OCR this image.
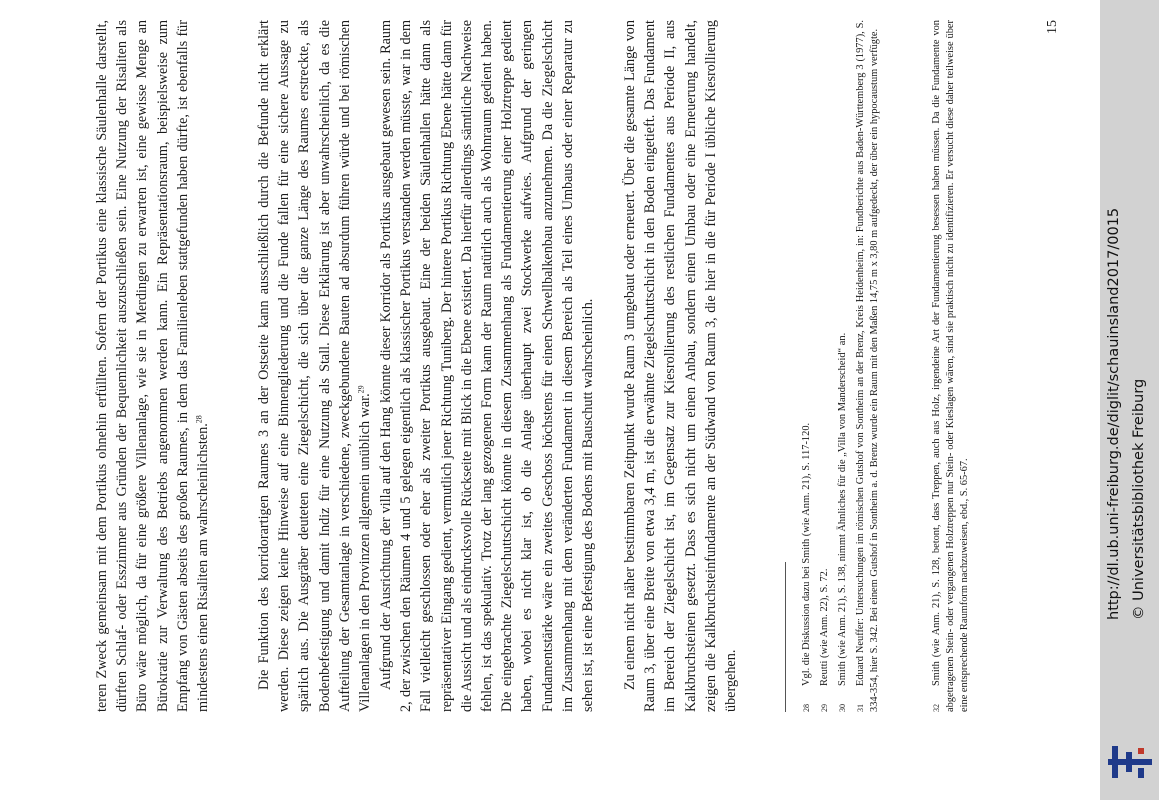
teren Zweck gemeinsam mit dem Portikus ohnehin erfüllten. Sofern der Portikus eine klassische Säulenhalle darstellt, dürften Schlaf- oder Esszimmer aus Gründen der Bequemlichkeit auszuschließen sein. Eine Nutzung der Risaliten als Büro wäre möglich, da für eine größere Villenanlage, wie sie in Merdingen zu erwarten ist, eine gewisse Menge an Bürokratie zur Verwaltung des Betriebs angenommen werden kann. Ein Repräsentationsraum, beispielsweise zum Empfang von Gästen abseits des großen Raumes, in dem das Familienleben stattgefunden haben dürfte, ist ebenfalls für mindestens einen Risaliten am wahrscheinlichsten.$^{28}$	Die Funktion des korridorartigen Raumes 3 an der Ostseite kann ausschließlich durch die Befunde nicht erklärt werden. Diese zeigen keine Hinweise auf eine Binnengliederung und die Funde fallen für eine sichere Aussage zu spärlich aus. Die Ausgräber deuteten eine Ziegelschicht, die sich über die ganze Länge des Raumes erstreckte, als Bodenbefestigung und damit Indiz für eine Nutzung als Stall. Diese Erklärung ist aber unwahrscheinlich, da es die Aufteilung der Gesamtanlage in verschiedene, zweckgebundene Bauten ad absurdum führen würde und bei römischen Villenanlagen in den Provinzen allgemein unüblich war.$^{29}$ Aufgrund der Ausrichtung der villa auf den Hang könnte dieser Korridor als Portikus ausgebaut gewesen sein. Raum 2, der zwischen den Räumen 4 und 5 gelegen eigentlich als klassischer Portikus verstanden werden müsste, war in dem Fall vielleicht geschlossen oder eher als zweiter Portikus ausgebaut. Eine der beiden Säulenhallen hätte dann als repräsentativer Eingang gedient, vermutlich jener Richtung Tuniberg. Der hintere Portikus Richtung Ebene hätte dann für die Aussicht und als eindrucksvolle Rückseite mit Blick in die Ebene existiert. Da hierfür allerdings sämtliche Nachweise fehlen, ist das spekulativ. Trotz der lang gezogenen Form kann der Raum natürlich auch als Wohnraum gedient haben. Die eingebrachte Ziegelschuttschicht könnte in diesem Zusammenhang als Fundamentierung einer Holztreppe gedient haben, wobei es nicht klar ist, ob die Anlage überhaupt zwei Stockwerke aufwies. Aufgrund der geringen Fundamentstärke wäre ein zweites Geschoss höchstens für einen Schwellbalkenbau anzunehmen. Da die Ziegelschicht im Zusammenhang mit dem veränderten Fundament in diesem Bereich als Teil eines Umbaus oder einer Reparatur zu sehen ist, ist eine Befestigung des Bodens mit Bauschutt wahrscheinlich. Zu einem nicht näher bestimmbaren Zeitpunkt wurde Raum 3 umgebaut oder erneuert. Über die gesamte Länge von Raum 3, über eine Breite von etwa 3,4 m, ist die erwähnte Ziegelschuttschicht in den Boden eingetieft. Das Fundament im Bereich der Ziegelschicht ist, im Gegensatz zur Kiesrollierung des restlichen Fundamentes aus Periode II, aus Kalkbruchsteinen gesetzt. Dass es sich nicht um einen Anbau, sondern einen Umbau oder eine Erneuerung handelt, zeigen die Kalkbruchsteinfundamente an der Südwand von Raum 3, die hier in die für Periode I übliche Kiesrollierung übergehen.	28Vgl. die Diskussion dazu bei Smith (wie Anm. 21), S. 117-120.

29Reutti (wie Anm. 22), S. 72.

30Smith (wie Anm. 21), S. 138, nimmt Ähnliches für die „Villa von Manderscheid“ an.

31Eduard Neuffer: Untersuchungen im römischen Gutshof von Sontheim an der Brenz, Kreis Heidenheim, in: Fundberichte aus Baden-Württemberg 3 (1977), S. 334-354, hier S. 342. Bei einem Gutshof in Sontheim a. d. Brenz wurde ein Raum mit den Maßen 14,75 m x 3,80 m aufgedeckt, der über ein hypocaustum verfügte.	32Smith (wie Anm. 21), S. 128, betont, dass Treppen, auch aus Holz, irgendeine Art der Fundamentierung besessen haben müssen. Da die Fundamente von abgetragenen Stein- oder vergangenen Holztreppen nur Stein- oder Kieslagen wären, sind sie praktisch nicht zu identifizieren. Er versucht diese daher teilweise über eine entsprechende Raumform nachzuweisen, ebd., S. 65-67.

15
http://dl.ub.uni-freiburg.de/diglit/schauinsland2017/0015 © Universitätsbibliothek Freiburg
